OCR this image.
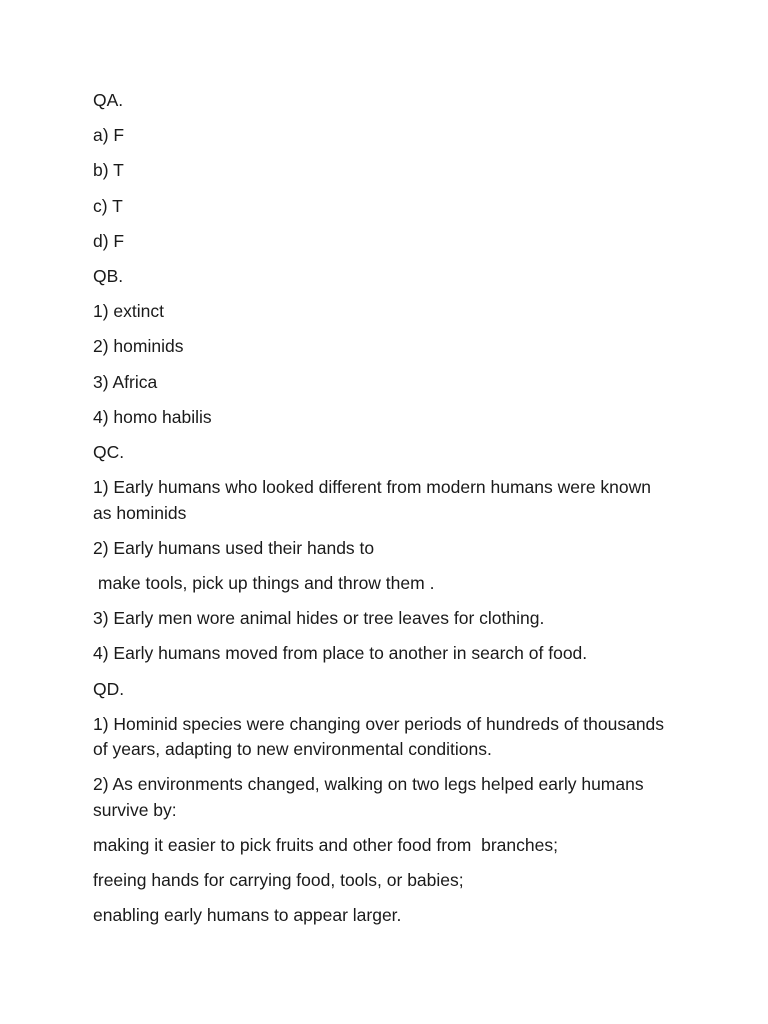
QA.

a) F

b) T

c) T

d) F

QB.

1) extinct

2) hominids

3) Africa

4) homo habilis

QC.

1) Early humans who looked different from modern humans were known as hominids

2) Early humans used their hands to

make tools, pick up things and throw them .

3) Early men wore animal hides or tree leaves for clothing.

4) Early humans moved from place to another in search of food.

QD.

1) Hominid species were changing over periods of hundreds of thousands of years, adapting to new environmental conditions.

2) As environments changed, walking on two legs helped early humans survive by:

making it easier to pick fruits and other food from  branches;

freeing hands for carrying food, tools, or babies;

enabling early humans to appear larger.
